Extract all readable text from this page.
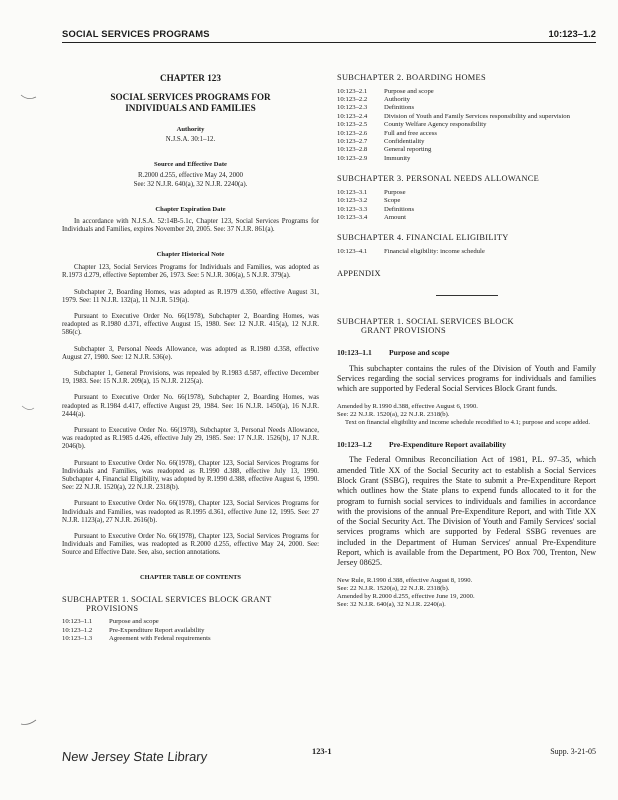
SOCIAL SERVICES PROGRAMS	10:123–1.2
CHAPTER 123
SOCIAL SERVICES PROGRAMS FOR
INDIVIDUALS AND FAMILIES
Authority
N.J.S.A. 30:1–12.
Source and Effective Date
R.2000 d.255, effective May 24, 2000
See: 32 N.J.R. 640(a), 32 N.J.R. 2240(a).
Chapter Expiration Date

In accordance with N.J.S.A. 52:14B-5.1c, Chapter 123, Social Services Programs for Individuals and Families, expires November 20, 2005. See: 37 N.J.R. 861(a).

Chapter Historical Note

Chapter 123, Social Services Programs for Individuals and Families, was adopted as R.1973 d.279, effective September 26, 1973. See: 5 N.J.R. 306(a), 5 N.J.R. 379(a).

Subchapter 2, Boarding Homes, was adopted as R.1979 d.350, effective August 31, 1979. See: 11 N.J.R. 132(a), 11 N.J.R. 519(a).

Pursuant to Executive Order No. 66(1978), Subchapter 2, Boarding Homes, was readopted as R.1980 d.371, effective August 15, 1980. See: 12 N.J.R. 415(a), 12 N.J.R. 586(c).

Subchapter 3, Personal Needs Allowance, was adopted as R.1980 d.358, effective August 27, 1980. See: 12 N.J.R. 536(e).

Subchapter 1, General Provisions, was repealed by R.1983 d.587, effective December 19, 1983. See: 15 N.J.R. 209(a), 15 N.J.R. 2125(a).

Pursuant to Executive Order No. 66(1978), Subchapter 2, Boarding Homes, was readopted as R.1984 d.417, effective August 29, 1984. See: 16 N.J.R. 1450(a), 16 N.J.R. 2444(a).

Pursuant to Executive Order No. 66(1978), Subchapter 3, Personal Needs Allowance, was readopted as R.1985 d.426, effective July 29, 1985. See: 17 N.J.R. 1526(b), 17 N.J.R. 2046(b).

Pursuant to Executive Order No. 66(1978), Chapter 123, Social Services Programs for Individuals and Families, was readopted as R.1990 d.388, effective July 13, 1990. Subchapter 4, Financial Eligibility, was adopted by R.1990 d.388, effective August 6, 1990. See: 22 N.J.R. 1520(a), 22 N.J.R. 2318(b).

Pursuant to Executive Order No. 66(1978), Chapter 123, Social Services Programs for Individuals and Families, was readopted as R.1995 d.361, effective June 12, 1995. See: 27 N.J.R. 1123(a), 27 N.J.R. 2616(b).

Pursuant to Executive Order No. 66(1978), Chapter 123, Social Services Programs for Individuals and Families, was readopted as R.2000 d.255, effective May 24, 2000. See: Source and Effective Date. See, also, section annotations.

CHAPTER TABLE OF CONTENTS
SUBCHAPTER 1. SOCIAL SERVICES BLOCK GRANT
PROVISIONS
10:123–1.1	Purpose and scope
10:123–1.2	Pre-Expenditure Report availability
10:123–1.3	Agreement with Federal requirements
SUBCHAPTER 2. BOARDING HOMES
10:123–2.1	Purpose and scope
10:123–2.2	Authority
10:123–2.3	Definitions
10:123–2.4	Division of Youth and Family Services responsibility and supervision
10:123–2.5	County Welfare Agency responsibility
10:123–2.6	Full and free access
10:123–2.7	Confidentiality
10:123–2.8	General reporting
10:123–2.9	Immunity
SUBCHAPTER 3. PERSONAL NEEDS ALLOWANCE
10:123–3.1	Purpose
10:123–3.2	Scope
10:123–3.3	Definitions
10:123–3.4	Amount
SUBCHAPTER 4. FINANCIAL ELIGIBILITY
10:123–4.1	Financial eligibility: income schedule
APPENDIX
SUBCHAPTER 1. SOCIAL SERVICES BLOCK
GRANT PROVISIONS
10:123–1.1 Purpose and scope

This subchapter contains the rules of the Division of Youth and Family Services regarding the social services programs for individuals and families which are supported by Federal Social Services Block Grant funds.

Amended by R.1990 d.388, effective August 6, 1990.
See: 22 N.J.R. 1520(a), 22 N.J.R. 2318(b).
Text on financial eligibility and income schedule recodified to 4.1; purpose and scope added.
10:123–1.2 Pre-Expenditure Report availability

The Federal Omnibus Reconciliation Act of 1981, P.L. 97–35, which amended Title XX of the Social Security act to establish a Social Services Block Grant (SSBG), requires the State to submit a Pre-Expenditure Report which outlines how the State plans to expend funds allocated to it for the program to furnish social services to individuals and families in accordance with the provisions of the annual Pre-Expenditure Report, and with Title XX of the Social Security Act. The Division of Youth and Family Services' social services programs which are supported by Federal SSBG revenues are included in the Department of Human Services' annual Pre-Expenditure Report, which is available from the Department, PO Box 700, Trenton, New Jersey 08625.

New Rule, R.1990 d.388, effective August 8, 1990.
See: 22 N.J.R. 1520(a), 22 N.J.R. 2318(b).
Amended by R.2000 d.255, effective June 19, 2000.
See: 32 N.J.R. 640(a), 32 N.J.R. 2240(a).
New Jersey State Library	123-1	Supp. 3-21-05
